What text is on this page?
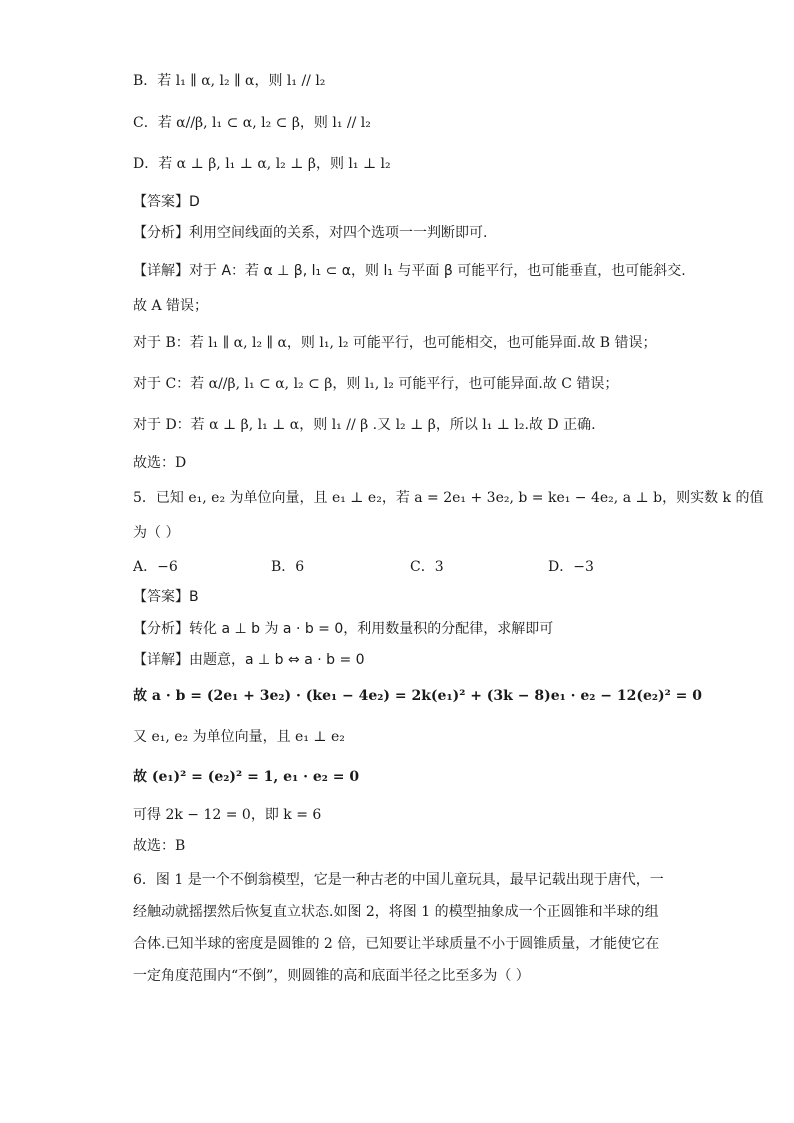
B．若 l₁ ∥ α, l₂ ∥ α，则 l₁ // l₂
C．若 α//β, l₁ ⊂ α, l₂ ⊂ β，则 l₁ // l₂
D．若 α ⊥ β, l₁ ⊥ α, l₂ ⊥ β，则 l₁ ⊥ l₂
【答案】D
【分析】利用空间线面的关系，对四个选项一一判断即可.
【详解】对于 A：若 α ⊥ β, l₁ ⊂ α，则 l₁ 与平面 β 可能平行，也可能垂直，也可能斜交.
故 A 错误；
对于 B：若 l₁ ∥ α, l₂ ∥ α，则 l₁, l₂ 可能平行，也可能相交，也可能异面.故 B 错误；
对于 C：若 α//β, l₁ ⊂ α, l₂ ⊂ β，则 l₁, l₂ 可能平行，也可能异面.故 C 错误；
对于 D：若 α ⊥ β, l₁ ⊥ α，则 l₁ // β .又 l₂ ⊥ β，所以 l₁ ⊥ l₂.故 D 正确.
故选：D
5．已知 e₁, e₂ 为单位向量，且 e₁ ⊥ e₂，若 a = 2e₁ + 3e₂, b = ke₁ − 4e₂, a ⊥ b，则实数 k 的值
为（ ）
A．−6	B．6	C．3	D．−3
【答案】B
【分析】转化 a ⊥ b 为 a · b = 0，利用数量积的分配律，求解即可
【详解】由题意，a ⊥ b ⇔ a · b = 0
故 a · b = (2e₁ + 3e₂) · (ke₁ − 4e₂) = 2k(e₁)² + (3k − 8)e₁ · e₂ − 12(e₂)² = 0
又 e₁, e₂ 为单位向量，且 e₁ ⊥ e₂
故 (e₁)² = (e₂)² = 1, e₁ · e₂ = 0
可得 2k − 12 = 0，即 k = 6
故选：B
6．图 1 是一个不倒翁模型，它是一种古老的中国儿童玩具，最早记载出现于唐代，一经触动就摇摆然后恢复直立状态.如图 2，将图 1 的模型抽象成一个正圆锥和半球的组合体.已知半球的密度是圆锥的 2 倍，已知要让半球质量不小于圆锥质量，才能使它在一定角度范围内“不倒”，则圆锥的高和底面半径之比至多为（ ）
